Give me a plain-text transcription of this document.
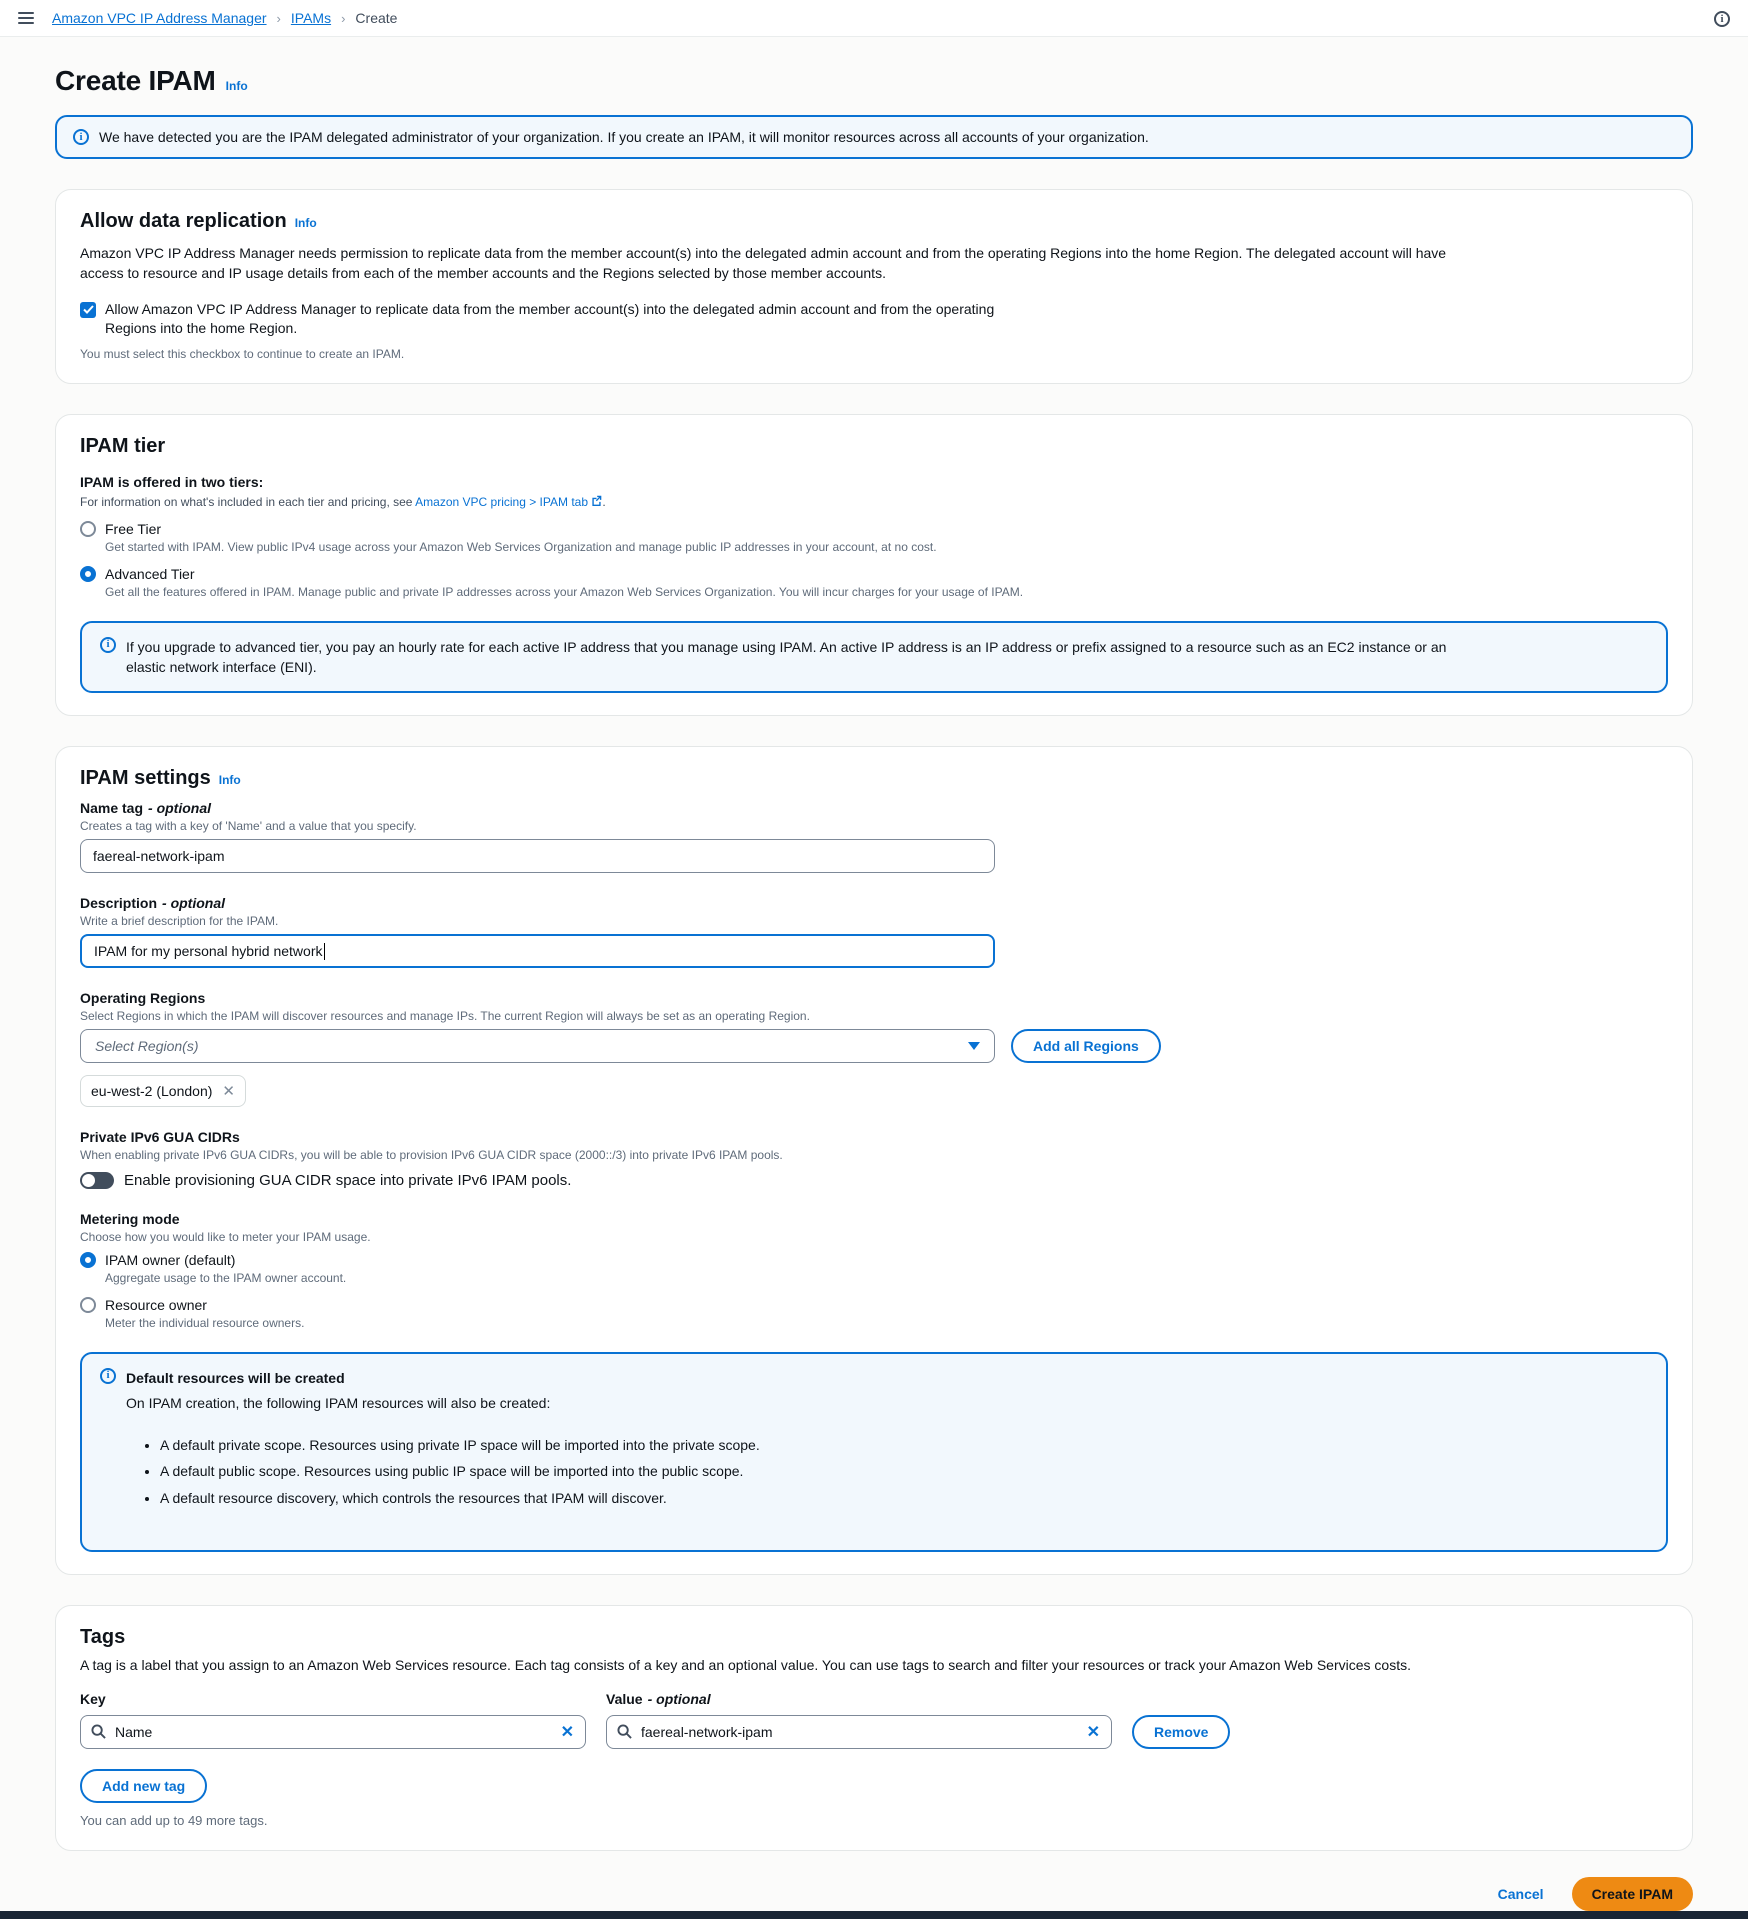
Amazon VPC IP Address Manager › IPAMs › Create	i
Create IPAM Info
i	We have detected you are the IPAM delegated administrator of your organization. If you create an IPAM, it will monitor resources across all accounts of your organization.
Allow data replication Info

Amazon VPC IP Address Manager needs permission to replicate data from the member account(s) into the delegated admin account and from the operating Regions into the home Region. The delegated account will have access to resource and IP usage details from each of the member accounts and the Regions selected by those member accounts.

Allow Amazon VPC IP Address Manager to replicate data from the member account(s) into the delegated admin account and from the operating Regions into the home Region.

You must select this checkbox to continue to create an IPAM.

IPAM tier

IPAM is offered in two tiers:

For information on what's included in each tier and pricing, see Amazon VPC pricing > IPAM tab .

Free Tier

Get started with IPAM. View public IPv4 usage across your Amazon Web Services Organization and manage public IP addresses in your account, at no cost.

Advanced Tier

Get all the features offered in IPAM. Manage public and private IP addresses across your Amazon Web Services Organization. You will incur charges for your usage of IPAM.

i	If you upgrade to advanced tier, you pay an hourly rate for each active IP address that you manage using IPAM. An active IP address is an IP address or prefix assigned to a resource such as an EC2 instance or an elastic network interface (ENI).
IPAM settings Info
Name tag - optional

Creates a tag with a key of 'Name' and a value that you specify.

faereal-network-ipam
Description - optional

Write a brief description for the IPAM.

IPAM for my personal hybrid network
Operating Regions

Select Regions in which the IPAM will discover resources and manage IPs. The current Region will always be set as an operating Region.

Select Region(s)	Add all Regions
eu-west-2 (London) ✕
Private IPv6 GUA CIDRs

When enabling private IPv6 GUA CIDRs, you will be able to provision IPv6 GUA CIDR space (2000::/3) into private IPv6 IPAM pools.

Enable provisioning GUA CIDR space into private IPv6 IPAM pools.
Metering mode

Choose how you would like to meter your IPAM usage.

IPAM owner (default)

Aggregate usage to the IPAM owner account.

Resource owner

Meter the individual resource owners.

i	Default resources will be created
On IPAM creation, the following IPAM resources will also be created:
• A default private scope. Resources using private IP space will be imported into the private scope.
• A default public scope. Resources using public IP space will be imported into the public scope.
• A default resource discovery, which controls the resources that IPAM will discover.
Tags

A tag is a label that you assign to an Amazon Web Services resource. Each tag consists of a key and an optional value. You can use tags to search and filter your resources or track your Amazon Web Services costs.

Key
Name
✕
Value - optional
faereal-network-ipam
✕	Remove
Add new tag

You can add up to 49 more tags.

Cancel	Create IPAM
